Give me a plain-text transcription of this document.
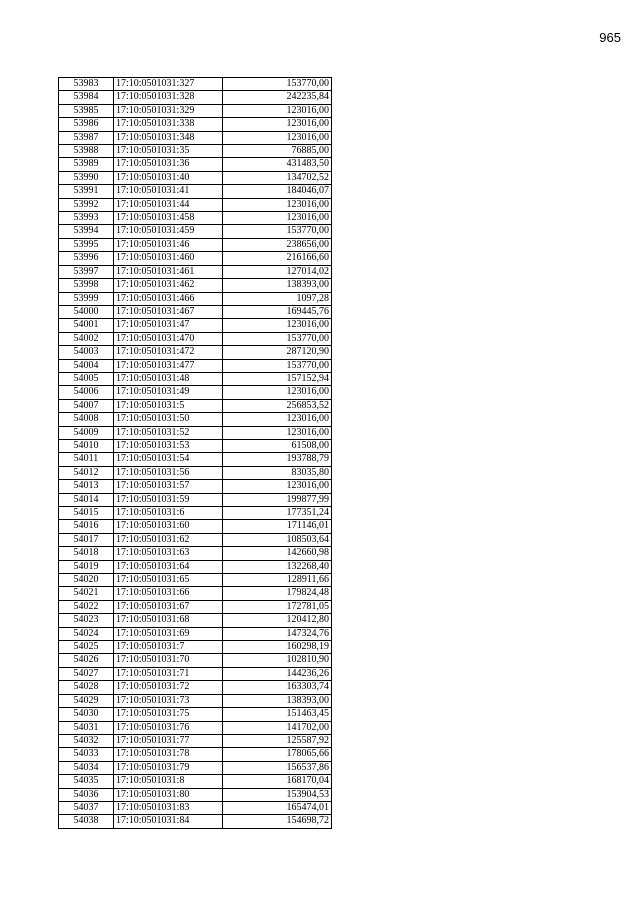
965
53983	17:10:0501031:327	153770,00
53984	17:10:0501031:328	242235,84
53985	17:10:0501031:329	123016,00
53986	17:10:0501031:338	123016,00
53987	17:10:0501031:348	123016,00
53988	17:10:0501031:35	76885,00
53989	17:10:0501031:36	431483,50
53990	17:10:0501031:40	134702,52
53991	17:10:0501031:41	184046,07
53992	17:10:0501031:44	123016,00
53993	17:10:0501031:458	123016,00
53994	17:10:0501031:459	153770,00
53995	17:10:0501031:46	238656,00
53996	17:10:0501031:460	216166,60
53997	17:10:0501031:461	127014,02
53998	17:10:0501031:462	138393,00
53999	17:10:0501031:466	1097,28
54000	17:10:0501031:467	169445,76
54001	17:10:0501031:47	123016,00
54002	17:10:0501031:470	153770,00
54003	17:10:0501031:472	287120,90
54004	17:10:0501031:477	153770,00
54005	17:10:0501031:48	157152,94
54006	17:10:0501031:49	123016,00
54007	17:10:0501031:5	256853,52
54008	17:10:0501031:50	123016,00
54009	17:10:0501031:52	123016,00
54010	17:10:0501031:53	61508,00
54011	17:10:0501031:54	193788,79
54012	17:10:0501031:56	83035,80
54013	17:10:0501031:57	123016,00
54014	17:10:0501031:59	199877,99
54015	17:10:0501031:6	177351,24
54016	17:10:0501031:60	171146,01
54017	17:10:0501031:62	108503,64
54018	17:10:0501031:63	142660,98
54019	17:10:0501031:64	132268,40
54020	17:10:0501031:65	128911,66
54021	17:10:0501031:66	179824,48
54022	17:10:0501031:67	172781,05
54023	17:10:0501031:68	120412,80
54024	17:10:0501031:69	147324,76
54025	17:10:0501031:7	160298,19
54026	17:10:0501031:70	102810,90
54027	17:10:0501031:71	144236,26
54028	17:10:0501031:72	163303,74
54029	17:10:0501031:73	138393,00
54030	17:10:0501031:75	151463,45
54031	17:10:0501031:76	141702,00
54032	17:10:0501031:77	125587,92
54033	17:10:0501031:78	178065,66
54034	17:10:0501031:79	156537,86
54035	17:10:0501031:8	168170,04
54036	17:10:0501031:80	153904,53
54037	17:10:0501031:83	165474,01
54038	17:10:0501031:84	154698,72
